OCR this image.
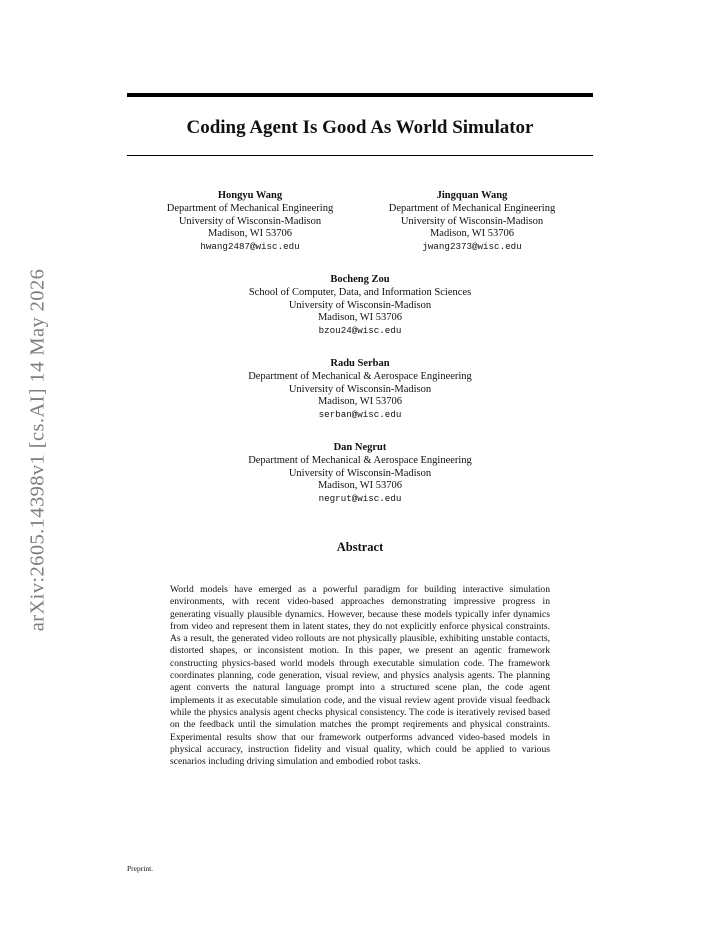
arXiv:2605.14398v1 [cs.AI] 14 May 2026
Coding Agent Is Good As World Simulator
Hongyu Wang
Department of Mechanical Engineering
University of Wisconsin-Madison
Madison, WI 53706
hwang2487@wisc.edu
Jingquan Wang
Department of Mechanical Engineering
University of Wisconsin-Madison
Madison, WI 53706
jwang2373@wisc.edu
Bocheng Zou
School of Computer, Data, and Information Sciences
University of Wisconsin-Madison
Madison, WI 53706
bzou24@wisc.edu
Radu Serban
Department of Mechanical & Aerospace Engineering
University of Wisconsin-Madison
Madison, WI 53706
serban@wisc.edu
Dan Negrut
Department of Mechanical & Aerospace Engineering
University of Wisconsin-Madison
Madison, WI 53706
negrut@wisc.edu
Abstract
World models have emerged as a powerful paradigm for building interactive simulation environments, with recent video-based approaches demonstrating impressive progress in generating visually plausible dynamics. However, because these models typically infer dynamics from video and represent them in latent states, they do not explicitly enforce physical constraints. As a result, the generated video rollouts are not physically plausible, exhibiting unstable contacts, distorted shapes, or inconsistent motion. In this paper, we present an agentic framework constructing physics-based world models through executable simulation code. The framework coordinates planning, code generation, visual review, and physics analysis agents. The planning agent converts the natural language prompt into a structured scene plan, the code agent implements it as executable simulation code, and the visual review agent provide visual feedback while the physics analysis agent checks physical consistency. The code is iteratively revised based on the feedback until the simulation matches the prompt reqirements and physical constraints. Experimental results show that our framework outperforms advanced video-based models in physical accuracy, instruction fidelity and visual quality, which could be applied to various scenarios including driving simulation and embodied robot tasks.
Preprint.
